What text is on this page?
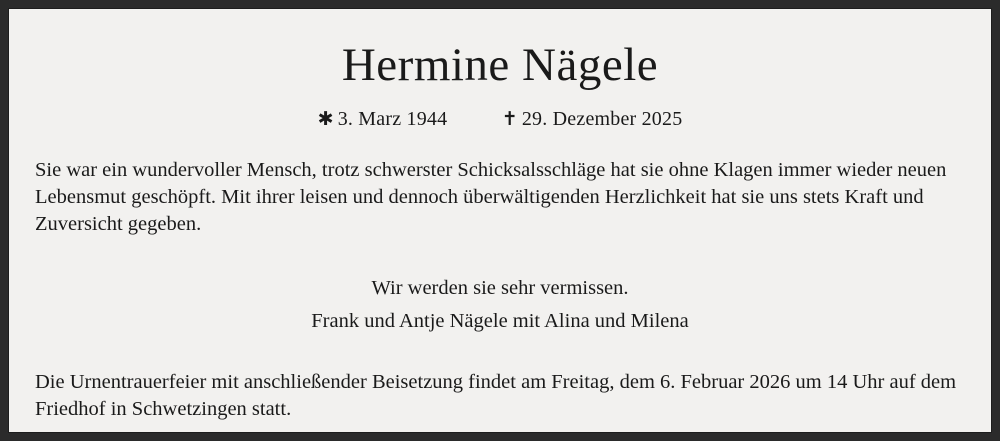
Hermine Nägele
✱ 3. Marz 1944	✝ 29. Dezember 2025
Sie war ein wundervoller Mensch, trotz schwerster Schicksalsschläge hat sie ohne Klagen immer wieder neuen Lebensmut geschöpft. Mit ihrer leisen und dennoch überwältigenden Herzlichkeit hat sie uns stets Kraft und Zuversicht gegeben.
Wir werden sie sehr vermissen.
Frank und Antje Nägele mit Alina und Milena
Die Urnentrauerfeier mit anschließender Beisetzung findet am Freitag, dem 6. Februar 2026 um 14 Uhr auf dem Friedhof in Schwetzingen statt.
